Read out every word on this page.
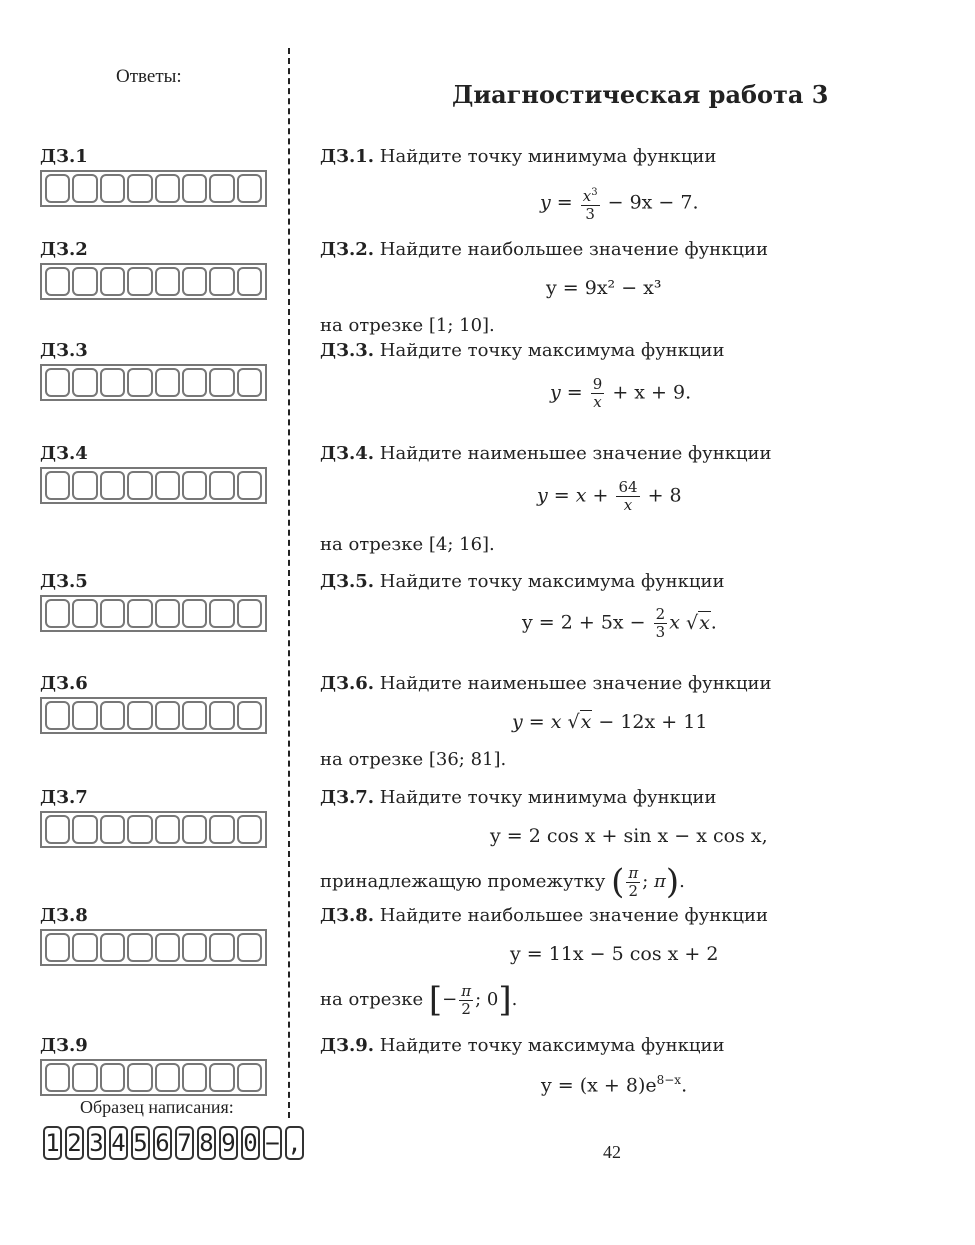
Ответы:
Диагностическая работа 3
ДЗ.1
ДЗ.2
ДЗ.3
ДЗ.4
ДЗ.5
ДЗ.6
ДЗ.7
ДЗ.8
ДЗ.9
ДЗ.1. Найдите точку минимума функции
$y = \frac{x^3}{3} - 9x - 7$.
ДЗ.2. Найдите наибольшее значение функции
y = 9x² − x³
на отрезке [1; 10].
ДЗ.3. Найдите точку максимума функции
$y = \frac{9}{x} + x + 9$.
ДЗ.4. Найдите наименьшее значение функции
$y = x + \frac{64}{x} + 8$
на отрезке [4; 16].
ДЗ.5. Найдите точку максимума функции
$y = 2 + 5x - \frac{2}{3}$ x √x.
ДЗ.6. Найдите наименьшее значение функции
y = x √x − 12x + 11
на отрезке [36; 81].
ДЗ.7. Найдите точку минимума функции
y = 2 cos x + sin x − x cos x,
принадлежащую промежутку ( $\frac{\pi}{2}$ ; π).
ДЗ.8. Найдите наибольшее значение функции
y = 11x − 5 cos x + 2
на отрезке [− $\frac{\pi}{2}$ ; 0].
ДЗ.9. Найдите точку максимума функции
$y = (x + 8)e^{8-x}$.
Образец написания:
1 2 3 4 5 6 7 8 9 0 − ,	42
